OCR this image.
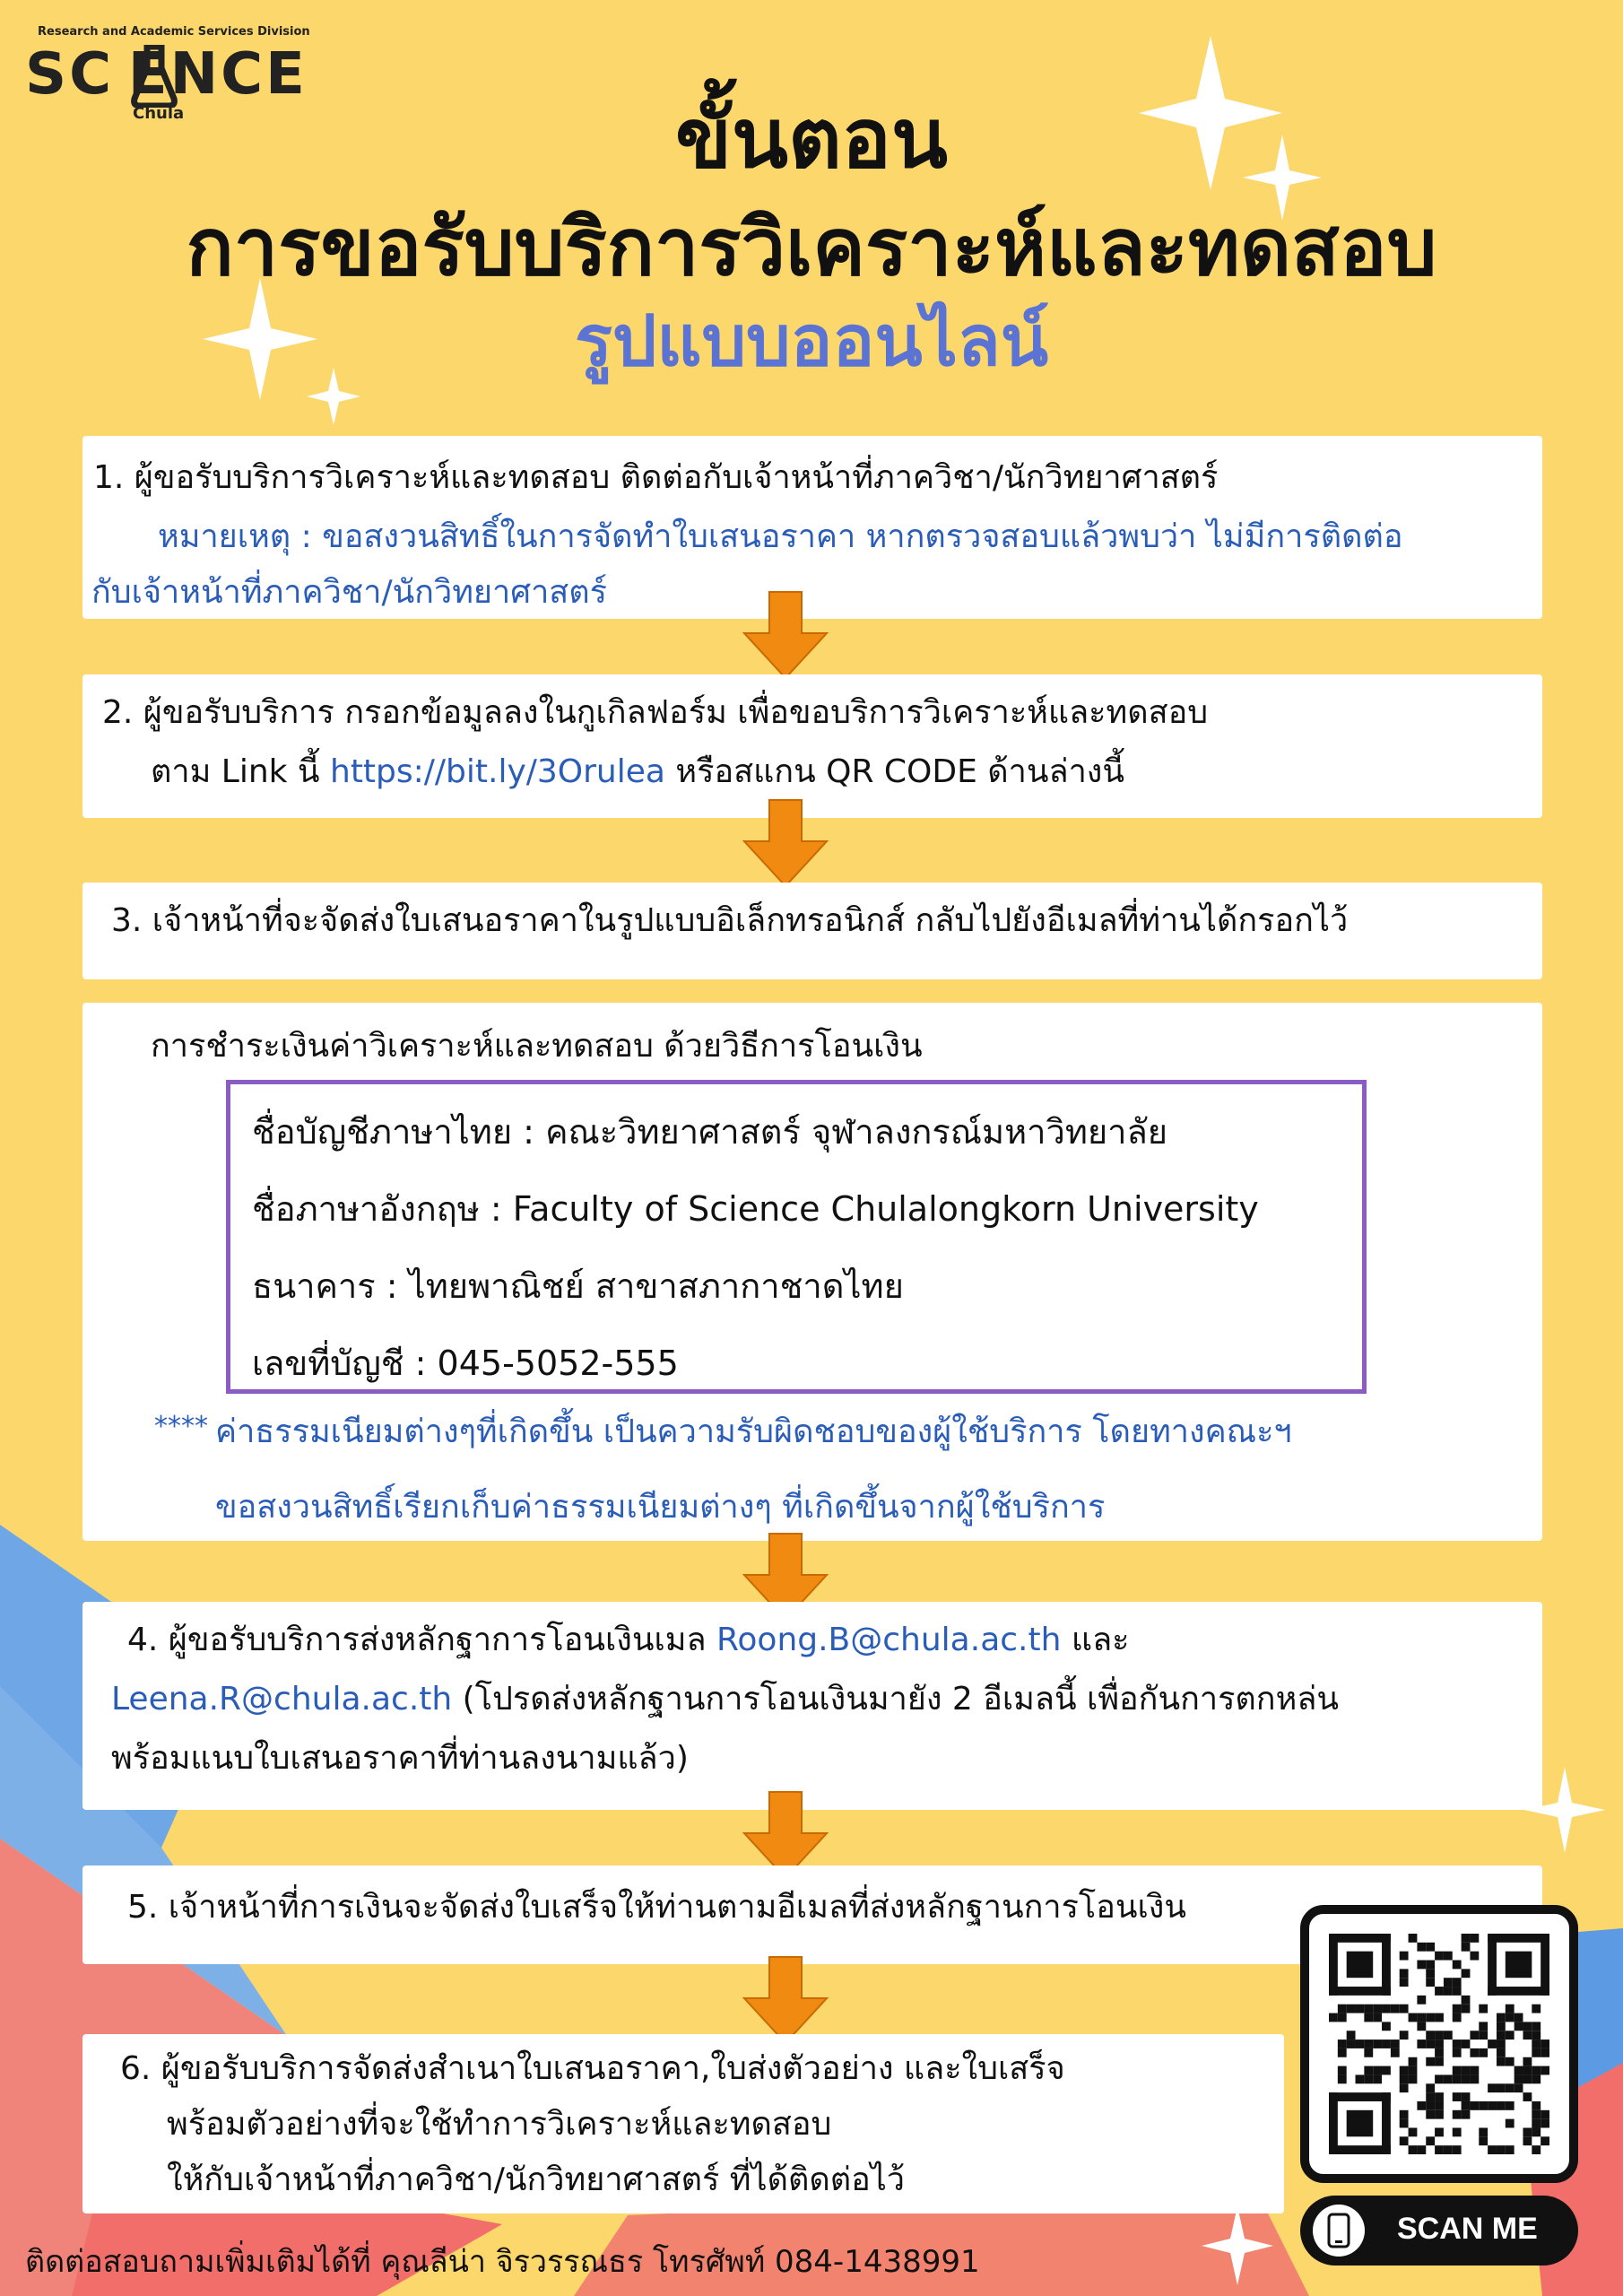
Research and Academic Services Division
SC ENCE
Chula	ขั้นตอน
การขอรับบริการวิเคราะห์และทดสอบ
รูปแบบออนไลน์

1. ผู้ขอรับบริการวิเคราะห์และทดสอบ ติดต่อกับเจ้าหน้าที่ภาควิชา/นักวิทยาศาสตร์

หมายเหตุ : ขอสงวนสิทธิ์ในการจัดทำใบเสนอราคา หากตรวจสอบแล้วพบว่า ไม่มีการติดต่อ

กับเจ้าหน้าที่ภาควิชา/นักวิทยาศาสตร์

2. ผู้ขอรับบริการ กรอกข้อมูลลงในกูเกิลฟอร์ม เพื่อขอบริการวิเคราะห์และทดสอบ

ตาม Link นี้ https://bit.ly/3Orulea หรือสแกน QR CODE ด้านล่างนี้

3. เจ้าหน้าที่จะจัดส่งใบเสนอราคาในรูปแบบอิเล็กทรอนิกส์ กลับไปยังอีเมลที่ท่านได้กรอกไว้

การชำระเงินค่าวิเคราะห์และทดสอบ ด้วยวิธีการโอนเงิน

ชื่อบัญชีภาษาไทย : คณะวิทยาศาสตร์ จุฬาลงกรณ์มหาวิทยาลัย

ชื่อภาษาอังกฤษ : Faculty of Science Chulalongkorn University

ธนาคาร : ไทยพาณิชย์ สาขาสภากาชาดไทย

เลขที่บัญชี : 045-5052-555

**** ค่าธรรมเนียมต่างๆที่เกิดขึ้น เป็นความรับผิดชอบของผู้ใช้บริการ โดยทางคณะฯ

ขอสงวนสิทธิ์เรียกเก็บค่าธรรมเนียมต่างๆ ที่เกิดขึ้นจากผู้ใช้บริการ

4. ผู้ขอรับบริการส่งหลักฐาการโอนเงินเมล Roong.B@chula.ac.th และ

Leena.R@chula.ac.th (โปรดส่งหลักฐานการโอนเงินมายัง 2 อีเมลนี้ เพื่อกันการตกหล่น

พร้อมแนบใบเสนอราคาที่ท่านลงนามแล้ว)

5. เจ้าหน้าที่การเงินจะจัดส่งใบเสร็จให้ท่านตามอีเมลที่ส่งหลักฐานการโอนเงิน

6. ผู้ขอรับบริการจัดส่งสำเนาใบเสนอราคา,ใบส่งตัวอย่าง และใบเสร็จ

พร้อมตัวอย่างที่จะใช้ทำการวิเคราะห์และทดสอบ

ให้กับเจ้าหน้าที่ภาควิชา/นักวิทยาศาสตร์ ที่ได้ติดต่อไว้

SCAN ME
ติดต่อสอบถามเพิ่มเติมได้ที่ คุณลีน่า จิรวรรณธร โทรศัพท์ 084-1438991
